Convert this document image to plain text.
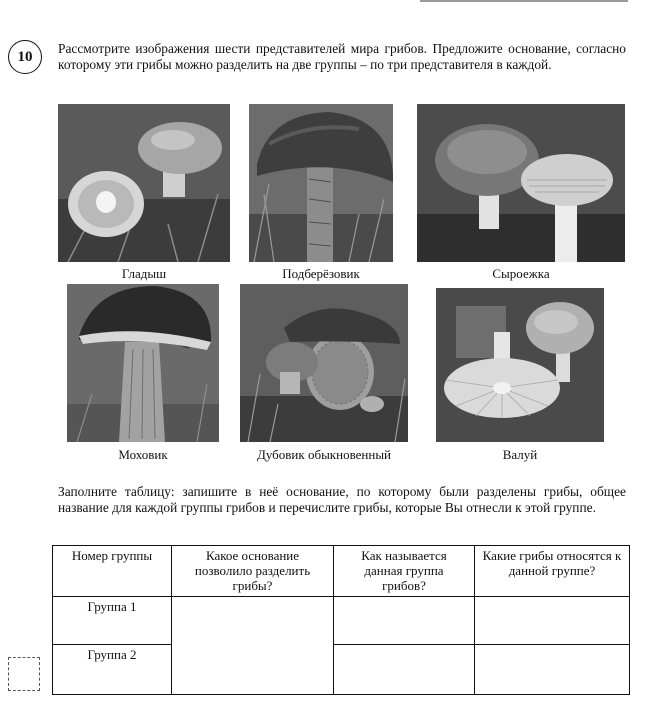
10	Рассмотрите изображения шести представителей мира грибов. Предложите основание, согласно которому эти грибы можно разделить на две группы – по три представителя в каждой.
Гладыш	Подберёзовик	Сыроежка
Моховик	Дубовик обыкновенный	Валуй
Заполните таблицу: запишите в неё основание, по которому были разделены грибы, общее название для каждой группы грибов и перечислите грибы, которые Вы отнесли к этой группе.
Номер группы	Какое основание позволило разделить грибы?	Как называется данная группа грибов?	Какие грибы относятся к данной группе?

Группа 1			
Группа 2			
